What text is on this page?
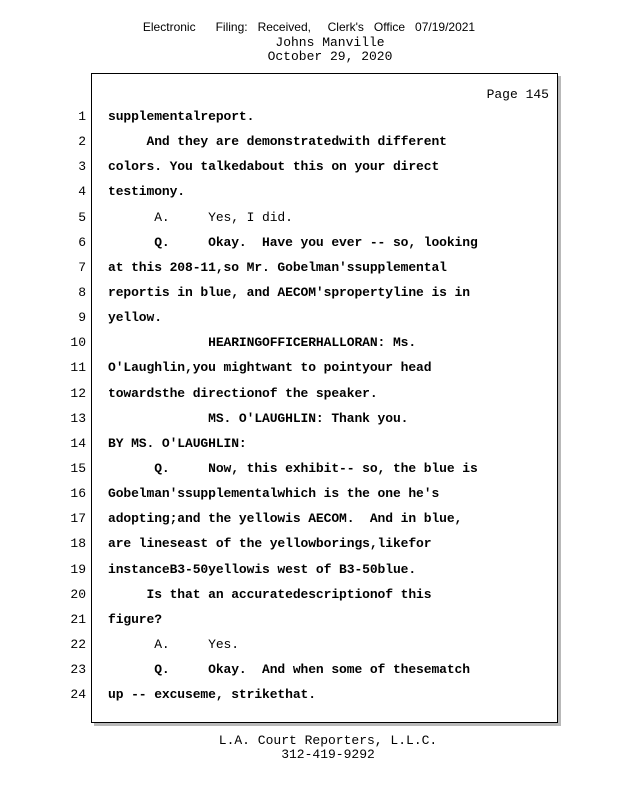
Electronic      Filing:   Received,     Clerk's   Office   07/19/2021
Johns Manville
October 29, 2020
Page 145
1
2
3
4
5
6
7
8
9
10
11
12
13
14
15
16
17
18
19
20
21
22
23
24
supplementalreport.
And they are demonstratedwith different
colors. You talkedabout this on your direct
testimony.
A.     Yes, I did.
Q.     Okay.  Have you ever -- so, looking
at this 208-11,so Mr. Gobelman'ssupplemental
reportis in blue, and AECOM'spropertyline is in
yellow.
HEARINGOFFICERHALLORAN: Ms.
O'Laughlin,you mightwant to pointyour head
towardsthe directionof the speaker.
MS. O'LAUGHLIN: Thank you.
BY MS. O'LAUGHLIN:
Q.     Now, this exhibit-- so, the blue is
Gobelman'ssupplementalwhich is the one he's
adopting;and the yellowis AECOM.  And in blue,
are lineseast of the yellowborings,likefor
instanceB3-50yellowis west of B3-50blue.
Is that an accuratedescriptionof this
figure?
A.     Yes.
Q.     Okay.  And when some of thesematch
up -- excuseme, strikethat.
L.A. Court Reporters, L.L.C.
312-419-9292
